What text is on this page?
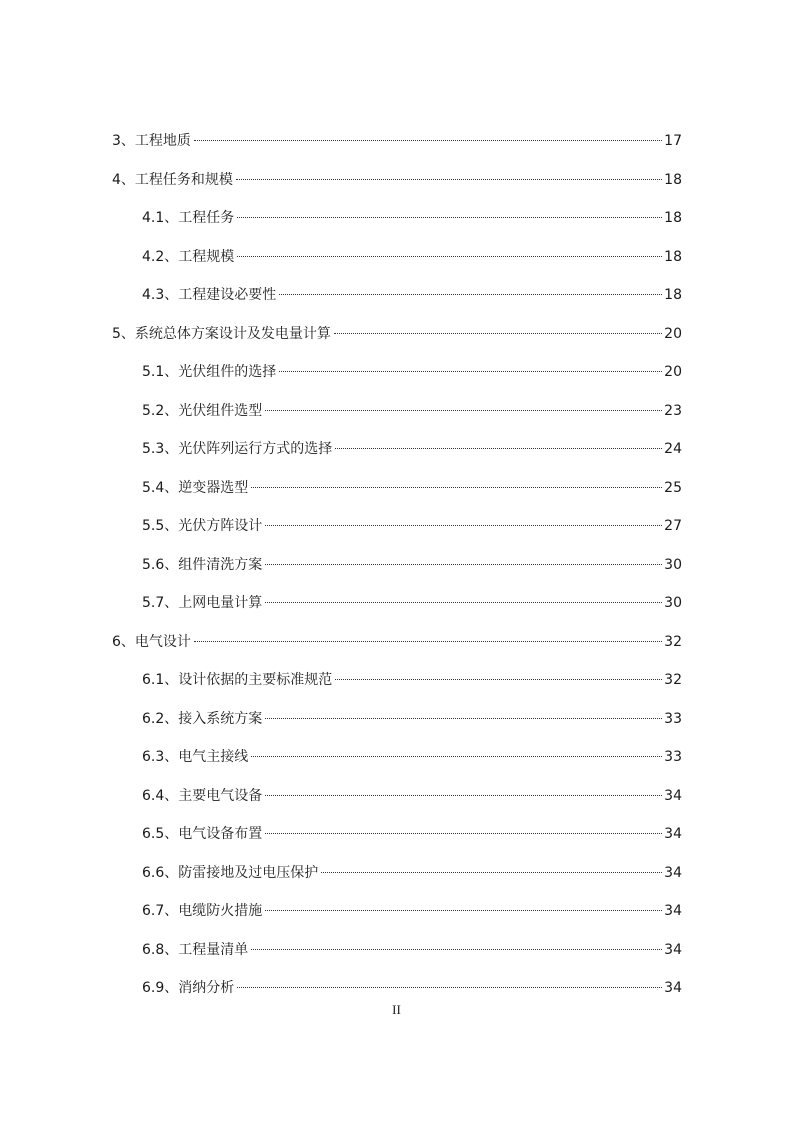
3、 工程地质	17
4、 工程任务和规模	18
4.1、 工程任务	18
4.2、 工程规模	18
4.3、 工程建设必要性	18
5、 系统总体方案设计及发电量计算	20
5.1、 光伏组件的选择	20
5.2、 光伏组件选型	23
5.3、 光伏阵列运行方式的选择	24
5.4、 逆变器选型	25
5.5、 光伏方阵设计	27
5.6、 组件清洗方案	30
5.7、 上网电量计算	30
6、 电气设计	32
6.1、 设计依据的主要标准规范	32
6.2、 接入系统方案	33
6.3、 电气主接线	33
6.4、 主要电气设备	34
6.5、 电气设备布置	34
6.6、 防雷接地及过电压保护	34
6.7、 电缆防火措施	34
6.8、 工程量清单	34
6.9、 消纳分析	34
II
